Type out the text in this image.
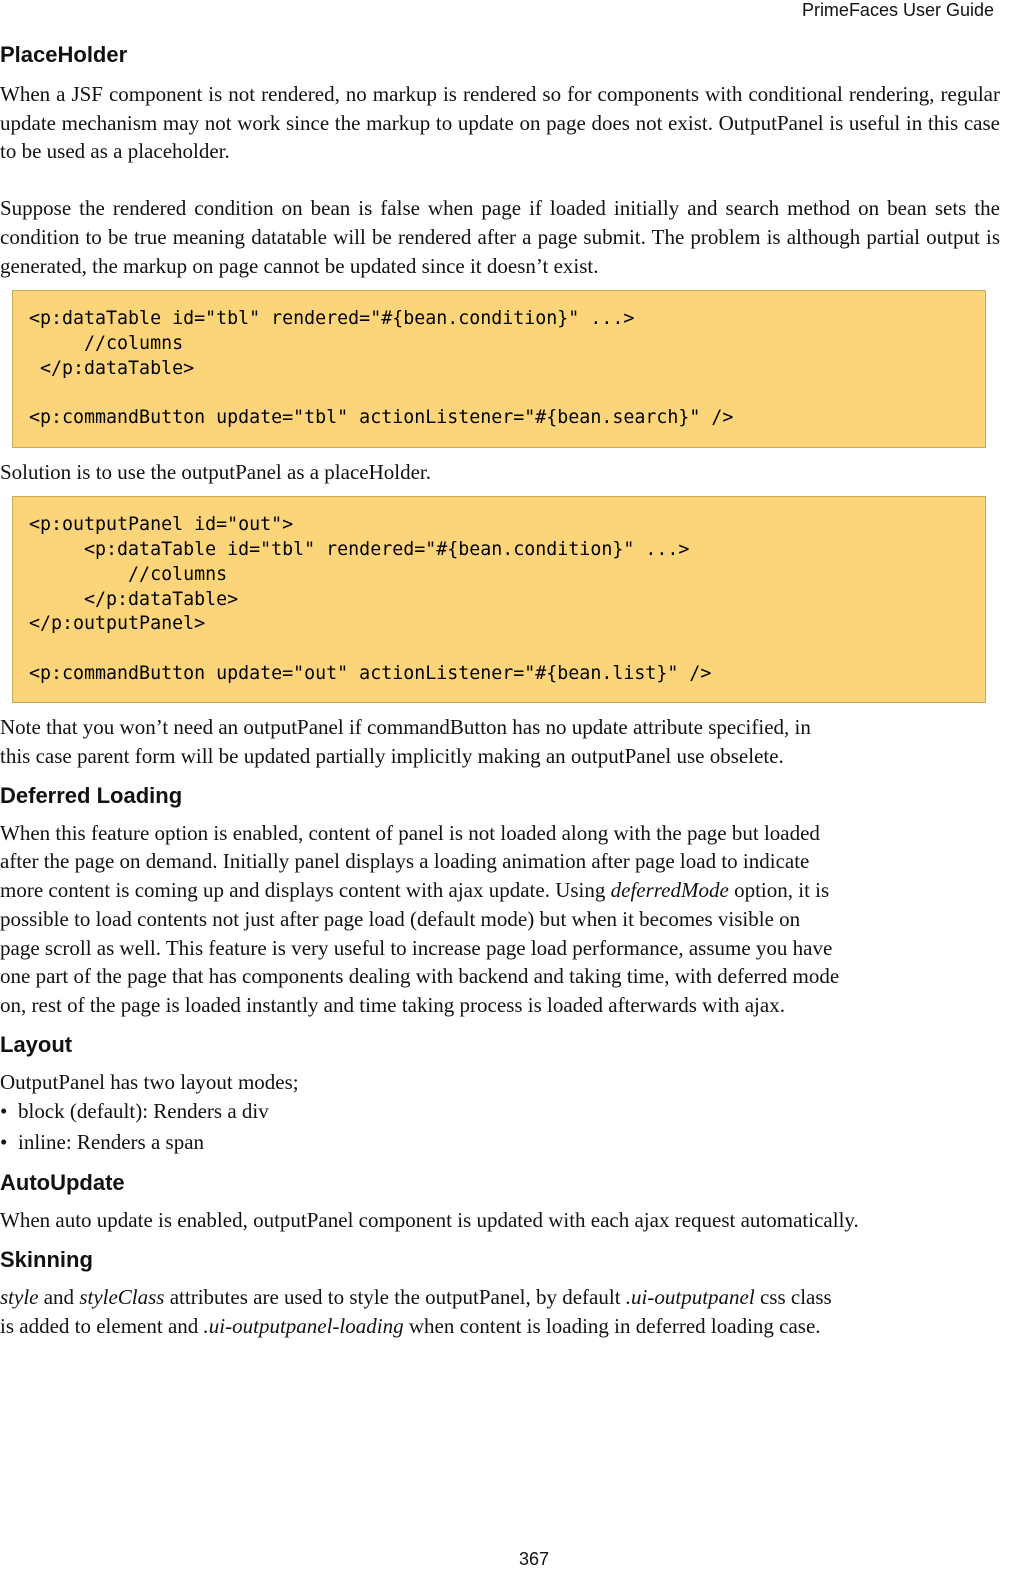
PrimeFaces User Guide
PlaceHolder

When a JSF component is not rendered, no markup is rendered so for components with conditional rendering, regular update mechanism may not work since the markup to update on page does not exist. OutputPanel is useful in this case to be used as a placeholder.

Suppose the rendered condition on bean is false when page if loaded initially and search method on bean sets the condition to be true meaning datatable will be rendered after a page submit. The problem is although partial output is generated, the markup on page cannot be updated since it doesn’t exist.

<p:dataTable id="tbl" rendered="#{bean.condition}" ...>
//columns
</p:dataTable>

<p:commandButton update="tbl" actionListener="#{bean.search}" />

Solution is to use the outputPanel as a placeHolder.

<p:outputPanel id="out">
<p:dataTable id="tbl" rendered="#{bean.condition}" ...>
//columns
</p:dataTable>
</p:outputPanel>

<p:commandButton update="out" actionListener="#{bean.list}" />

Note that you won’t need an outputPanel if commandButton has no update attribute specified, in
this case parent form will be updated partially implicitly making an outputPanel use obselete.

Deferred Loading

When this feature option is enabled, content of panel is not loaded along with the page but loaded
after the page on demand. Initially panel displays a loading animation after page load to indicate
more content is coming up and displays content with ajax update. Using deferredMode option, it is
possible to load contents not just after page load (default mode) but when it becomes visible on
page scroll as well. This feature is very useful to increase page load performance, assume you have
one part of the page that has components dealing with backend and taking time, with deferred mode
on, rest of the page is loaded instantly and time taking process is loaded afterwards with ajax.

Layout

OutputPanel has two layout modes;

• block (default): Renders a div
• inline: Renders a span
AutoUpdate

When auto update is enabled, outputPanel component is updated with each ajax request automatically.

Skinning

style and styleClass attributes are used to style the outputPanel, by default .ui-outputpanel css class
is added to element and .ui-outputpanel-loading when content is loading in deferred loading case.

367
